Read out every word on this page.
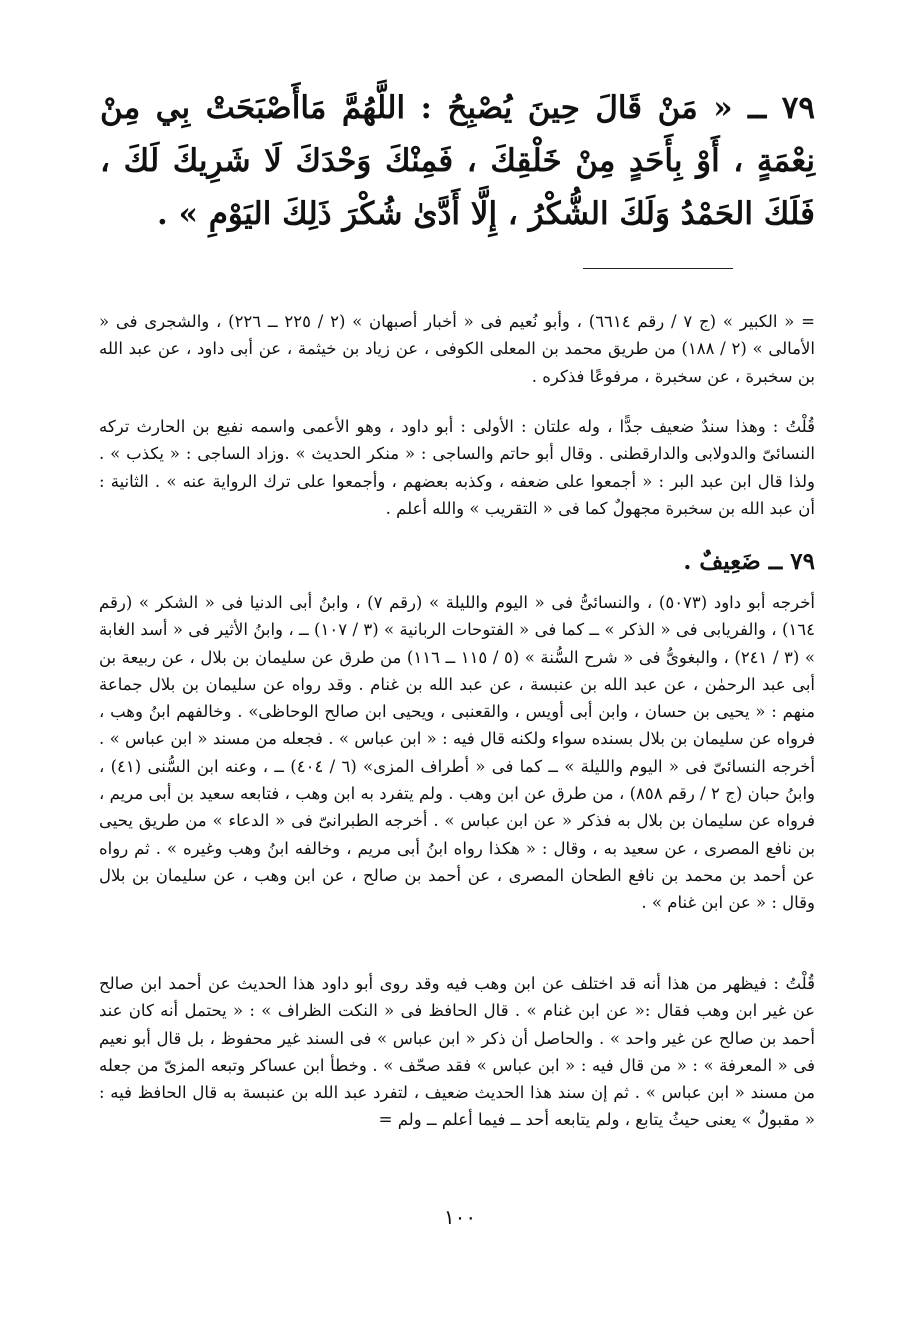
٧٩ ــ « مَنْ قَالَ حِينَ يُصْبِحُ : اللَّهُمَّ مَاأَصْبَحَتْ بِي مِنْ نِعْمَةٍ ، أَوْ بِأَحَدٍ مِنْ خَلْقِكَ ، فَمِنْكَ وَحْدَكَ لَا شَرِيكَ لَكَ ، فَلَكَ الحَمْدُ وَلَكَ الشُّكْرُ ، إِلَّا أَدَّىٰ شُكْرَ ذَلِكَ اليَوْمِ » .

= « الكبير » (ج ٧ / رقم ٦٦١٤) ، وأبو نُعيم فى « أخبار أصبهان » (٢ / ٢٢٥ ــ ٢٢٦) ، والشجرى فى « الأمالى » (٢ / ١٨٨) من طريق محمد بن المعلى الكوفى ، عن زياد بن خيثمة ، عن أبى داود ، عن عبد الله بن سخبرة ، عن سخبرة ، مرفوعًا فذكره .

قُلْتُ : وهذا سندٌ ضعيف جدًّا ، وله علتان : الأولى : أبو داود ، وهو الأعمى واسمه نفيع بن الحارث تركه النسائىّ والدولابى والدارقطنى . وقال أبو حاتم والساجى : « منكر الحديث » .وزاد الساجى : « يكذب » . ولذا قال ابن عبد البر : « أجمعوا على ضعفه ، وكذبه بعضهم ، وأجمعوا على ترك الرواية عنه » . الثانية : أن عبد الله بن سخبرة مجهولٌ كما فى « التقريب » والله أعلم .

٧٩ ــ ضَعِيفٌ .

أخرجه أبو داود (٥٠٧٣) ، والنسائىُّ فى « اليوم والليلة » (رقم ٧) ، وابنُ أبى الدنيا فى « الشكر » (رقم ١٦٤) ، والفريابى فى « الذكر » ــ كما فى « الفتوحات الربانية » (٣ / ١٠٧) ــ ، وابنُ الأثير فى « أسد الغابة » (٣ / ٢٤١) ، والبغوىُّ فى « شرح السُّنة » (٥ / ١١٥ ــ ١١٦) من طرق عن سليمان بن بلال ، عن ربيعة بن أبى عبد الرحمٰن ، عن عبد الله بن عنبسة ، عن عبد الله بن غنام . وقد رواه عن سليمان بن بلال جماعة منهم : « يحيى بن حسان ، وابن أبى أويس ، والقعنبى ، ويحيى ابن صالح الوحاظى» . وخالفهم ابنُ وهب ، فرواه عن سليمان بن بلال بسنده سواء ولكنه قال فيه : « ابن عباس » . فجعله من مسند « ابن عباس » . أخرجه النسائىّ فى « اليوم والليلة » ــ كما فى « أطراف المزى» (٦ / ٤٠٤) ــ ، وعنه ابن السُّنى (٤١) ، وابنُ حبان (ج ٢ / رقم ٨٥٨) ، من طرق عن ابن وهب . ولم يتفرد به ابن وهب ، فتابعه سعيد بن أبى مريم ، فرواه عن سليمان بن بلال به فذكر « عن ابن عباس » . أخرجه الطبرانىّ فى « الدعاء » من طريق يحيى بن نافع المصرى ، عن سعيد به ، وقال : « هكذا رواه ابنُ أبى مريم ، وخالفه ابنُ وهب وغيره » . ثم رواه عن أحمد بن محمد بن نافع الطحان المصرى ، عن أحمد بن صالح ، عن ابن وهب ، عن سليمان بن بلال وقال : « عن ابن غنام » .

قُلْتُ : فيظهر من هذا أنه قد اختلف عن ابن وهب فيه وقد روى أبو داود هذا الحديث عن أحمد ابن صالح عن غير ابن وهب فقال :« عن ابن غنام » . قال الحافظ فى « النكت الظراف » : « يحتمل أنه كان عند أحمد بن صالح عن غير واحد » . والحاصل أن ذكر « ابن عباس » فى السند غير محفوظ ، بل قال أبو نعيم فى « المعرفة » : « من قال فيه : « ابن عباس » فقد صحّف » . وخطأ ابن عساكر وتبعه المزىّ من جعله من مسند « ابن عباس » . ثم إن سند هذا الحديث ضعيف ، لتفرد عبد الله بن عنبسة به قال الحافظ فيه : « مقبولٌ » يعنى حيثُ يتابع ، ولم يتابعه أحد ــ فيما أعلم ــ ولم =

١٠٠
